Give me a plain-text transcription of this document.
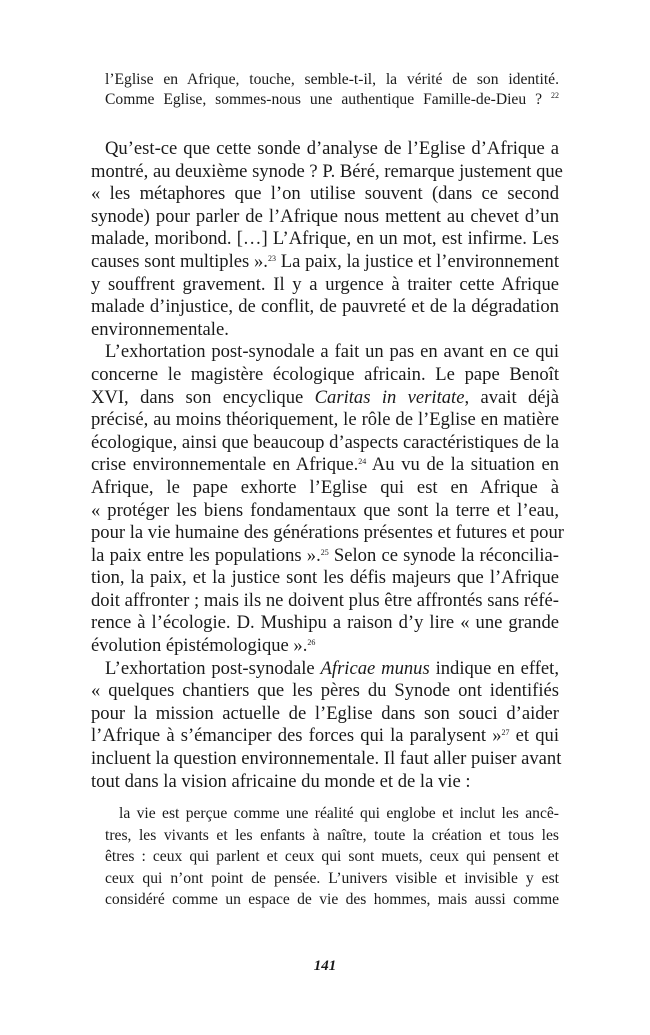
l’Eglise en Afrique, touche, semble-t-il, la vérité de son identité.
Comme Eglise, sommes-nous une authentique Famille-de-Dieu ? $^{22}$
Qu’est-ce que cette sonde d’analyse de l’Eglise d’Afrique a
montré, au deuxième synode ? P. Béré, remarque justement que
« les métaphores que l’on utilise souvent (dans ce second
synode) pour parler de l’Afrique nous mettent au chevet d’un
malade, moribond. […] L’Afrique, en un mot, est infirme. Les
causes sont multiples ».$^{23}$ La paix, la justice et l’environnement
y souffrent gravement. Il y a urgence à traiter cette Afrique
malade d’injustice, de conflit, de pauvreté et de la dégradation
environnementale.
L’exhortation post-synodale a fait un pas en avant en ce qui
concerne le magistère écologique africain. Le pape Benoît
XVI, dans son encyclique Caritas in veritate, avait déjà
précisé, au moins théoriquement, le rôle de l’Eglise en matière
écologique, ainsi que beaucoup d’aspects caractéristiques de la
crise environnementale en Afrique.$^{24}$ Au vu de la situation en
Afrique, le pape exhorte l’Eglise qui est en Afrique à
« protéger les biens fondamentaux que sont la terre et l’eau,
pour la vie humaine des générations présentes et futures et pour
la paix entre les populations ».$^{25}$ Selon ce synode la réconcilia-
tion, la paix, et la justice sont les défis majeurs que l’Afrique
doit affronter ; mais ils ne doivent plus être affrontés sans réfé-
rence à l’écologie. D. Mushipu a raison d’y lire « une grande
évolution épistémologique ».$^{26}$
L’exhortation post-synodale Africae munus indique en effet,
« quelques chantiers que les pères du Synode ont identifiés
pour la mission actuelle de l’Eglise dans son souci d’aider
l’Afrique à s’émanciper des forces qui la paralysent »$^{27}$ et qui
incluent la question environnementale. Il faut aller puiser avant
tout dans la vision africaine du monde et de la vie :
la vie est perçue comme une réalité qui englobe et inclut les ancê-
tres, les vivants et les enfants à naître, toute la création et tous les
êtres : ceux qui parlent et ceux qui sont muets, ceux qui pensent et
ceux qui n’ont point de pensée. L’univers visible et invisible y est
considéré comme un espace de vie des hommes, mais aussi comme
141
